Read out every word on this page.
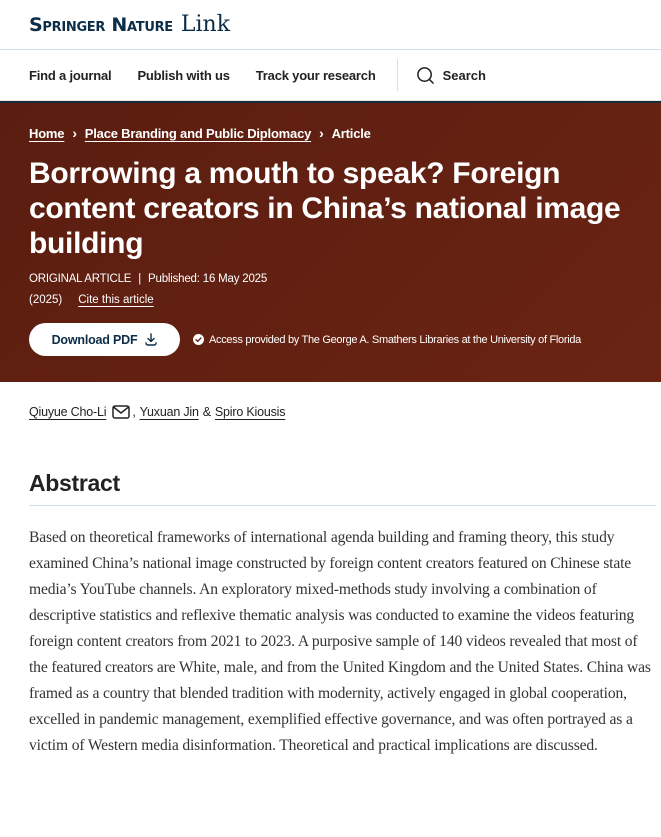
Springer Nature Link
Find a journal Publish with us Track your research	Search
Home › Place Branding and Public Diplomacy › Article
Borrowing a mouth to speak? Foreign content creators in China’s national image building
ORIGINAL ARTICLE | Published: 16 May 2025
(2025) Cite this article
Download PDF	Access provided by The George A. Smathers Libraries at the University of Florida
Qiuyue Cho-Li , Yuxuan Jin & Spiro Kiousis
Abstract

Based on theoretical frameworks of international agenda building and framing theory, this study examined China’s national image constructed by foreign content creators featured on Chinese state media’s YouTube channels. An exploratory mixed-methods study involving a combination of descriptive statistics and reflexive thematic analysis was conducted to examine the videos featuring foreign content creators from 2021 to 2023. A purposive sample of 140 videos revealed that most of the featured creators are White, male, and from the United Kingdom and the United States. China was framed as a country that blended tradition with modernity, actively engaged in global cooperation, excelled in pandemic management, exemplified effective governance, and was often portrayed as a victim of Western media disinformation. Theoretical and practical implications are discussed.
